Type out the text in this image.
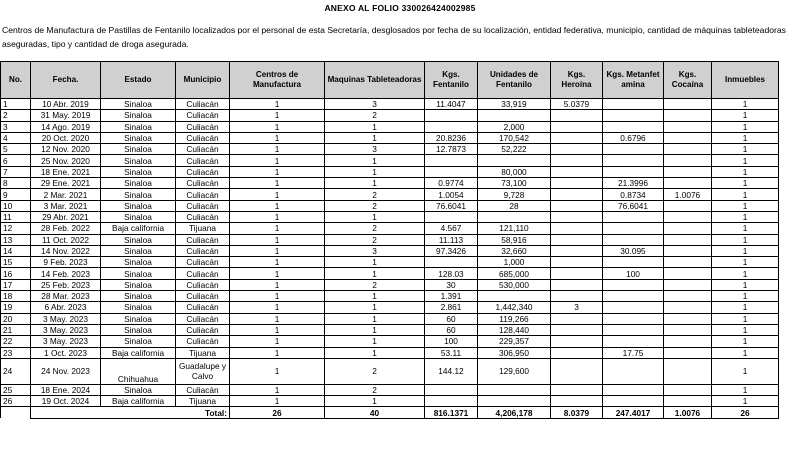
ANEXO AL FOLIO 330026424002985
Centros de Manufactura de Pastillas de Fentanilo localizados por el personal de esta Secretaría, desglosados por fecha de su localización, entidad federativa, municipio, cantidad de máquinas tableteadoras aseguradas, tipo y cantidad de droga asegurada.
No.	Fecha.	Estado	Municipio	Centros de Manufactura	Maquinas Tableteadoras	Kgs. Fentanilo	Unidades de Fentanilo	Kgs. Heroína	Kgs. Metanfetamina	Kgs. Cocaína	Inmuebles
1	10 Abr. 2019	Sinaloa	Culiacán	1	3	11.4047	33,919	5.0379			1
2	31 May. 2019	Sinaloa	Culiacán	1	2						1
3	14 Ago. 2019	Sinaloa	Culiacán	1	1		2,000				1
4	20 Oct. 2020	Sinaloa	Culiacán	1	1	20.8236	170,542		0.6796		1
5	12 Nov. 2020	Sinaloa	Culiacán	1	3	12.7873	52,222				1
6	25 Nov. 2020	Sinaloa	Culiacán	1	1						1
7	18 Ene. 2021	Sinaloa	Culiacán	1	1		80,000				1
8	29 Ene. 2021	Sinaloa	Culiacán	1	1	0.9774	73,100		21.3996		1
9	2 Mar. 2021	Sinaloa	Culiacán	1	2	1.0054	9,728		0.8734	1.0076	1
10	3 Mar. 2021	Sinaloa	Culiacán	1	2	76.6041	28		76.6041		1
11	29 Abr. 2021	Sinaloa	Culiacán	1	1						1
12	28 Feb. 2022	Baja california	Tijuana	1	2	4.567	121,110				1
13	11 Oct. 2022	Sinaloa	Culiacán	1	2	11.113	58,916				1
14	14 Nov. 2022	Sinaloa	Culiacán	1	3	97.3426	32,660		30.095		1
15	9 Feb. 2023	Sinaloa	Culiacán	1	1		1,000				1
16	14 Feb. 2023	Sinaloa	Culiacán	1	1	128.03	685,000		100		1
17	25 Feb. 2023	Sinaloa	Culiacán	1	2	30	530,000				1
18	28 Mar. 2023	Sinaloa	Culiacán	1	1	1.391					1
19	6 Abr. 2023	Sinaloa	Culiacán	1	1	2.861	1,442,340	3			1
20	3 May. 2023	Sinaloa	Culiacán	1	1	60	119,266				1
21	3 May. 2023	Sinaloa	Culiacán	1	1	60	128,440				1
22	3 May. 2023	Sinaloa	Culiacán	1	1	100	229,357				1
23	1 Oct. 2023	Baja california	Tijuana	1	1	53.11	306,950		17.75		1
24	24 Nov. 2023	Chihuahua	Guadalupe y Calvo	1	2	144.12	129,600				1
25	18 Ene. 2024	Sinaloa	Culiacán	1	2						1
26	19 Oct. 2024	Baja california	Tijuana	1	1						1
	Total:			26	40	816.1371	4,206,178	8.0379	247.4017	1.0076	26
